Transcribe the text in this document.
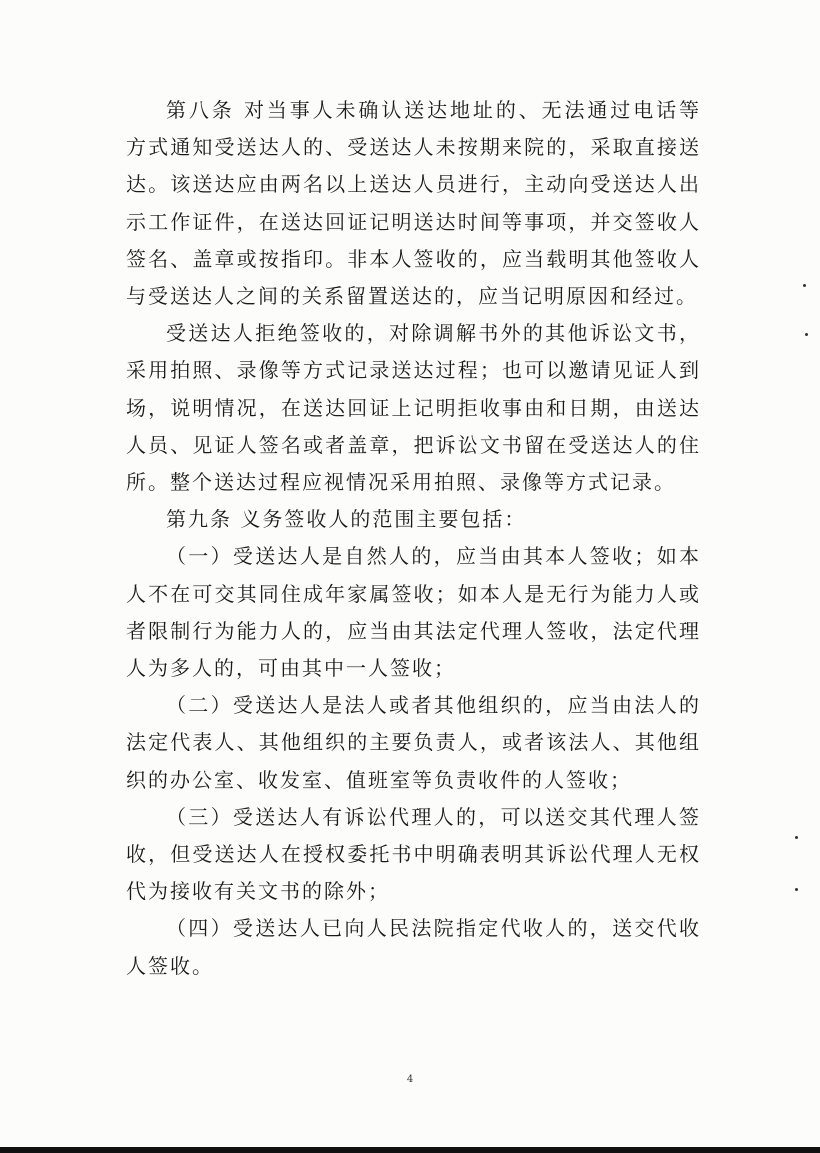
第八条 对当事人未确认送达地址的、无法通过电话等方式通知受送达人的、受送达人未按期来院的，采取直接送达。该送达应由两名以上送达人员进行，主动向受送达人出示工作证件，在送达回证记明送达时间等事项，并交签收人签名、盖章或按指印。非本人签收的，应当载明其他签收人与受送达人之间的关系留置送达的，应当记明原因和经过。

受送达人拒绝签收的，对除调解书外的其他诉讼文书，采用拍照、录像等方式记录送达过程；也可以邀请见证人到场，说明情况，在送达回证上记明拒收事由和日期，由送达人员、见证人签名或者盖章，把诉讼文书留在受送达人的住所。整个送达过程应视情况采用拍照、录像等方式记录。

第九条 义务签收人的范围主要包括：

（一）受送达人是自然人的，应当由其本人签收；如本人不在可交其同住成年家属签收；如本人是无行为能力人或者限制行为能力人的，应当由其法定代理人签收，法定代理人为多人的，可由其中一人签收；

（二）受送达人是法人或者其他组织的，应当由法人的法定代表人、其他组织的主要负责人，或者该法人、其他组织的办公室、收发室、值班室等负责收件的人签收；

（三）受送达人有诉讼代理人的，可以送交其代理人签收，但受送达人在授权委托书中明确表明其诉讼代理人无权代为接收有关文书的除外；

（四）受送达人已向人民法院指定代收人的，送交代收人签收。

4
